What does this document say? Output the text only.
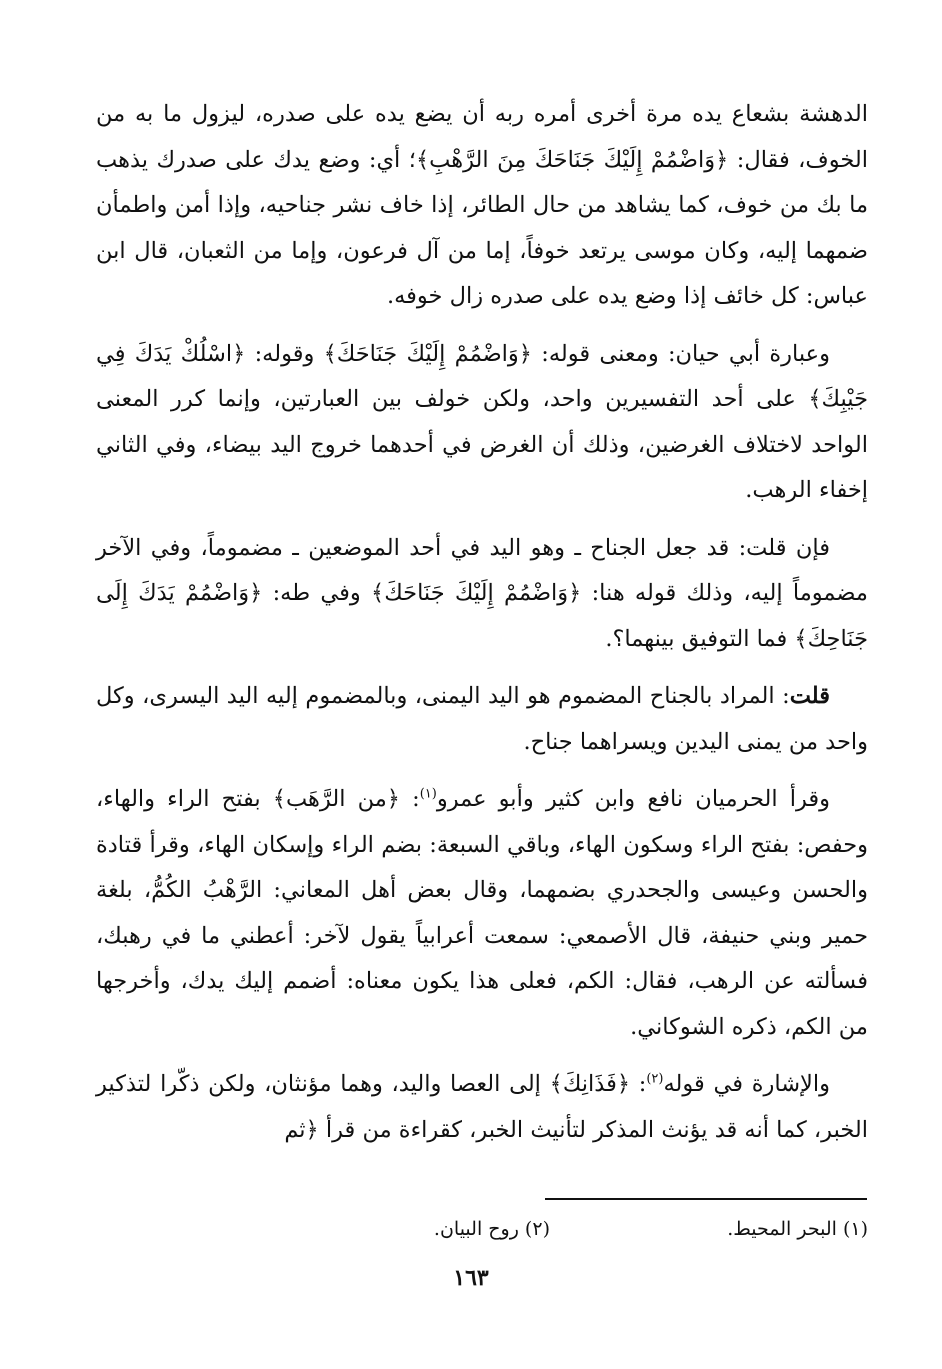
الدهشة بشعاع يده مرة أخرى أمره ربه أن يضع يده على صدره، ليزول ما به من الخوف، فقال: ﴿وَاضْمُمْ إِلَيْكَ جَنَاحَكَ مِنَ الرَّهْبِ﴾؛ أي: وضع يدك على صدرك يذهب ما بك من خوف، كما يشاهد من حال الطائر، إذا خاف نشر جناحيه، وإذا أمن واطمأن ضمهما إليه، وكان موسى يرتعد خوفاً، إما من آل فرعون، وإما من الثعبان، قال ابن عباس: كل خائف إذا وضع يده على صدره زال خوفه.

وعبارة أبي حيان: ومعنى قوله: ﴿وَاضْمُمْ إِلَيْكَ جَنَاحَكَ﴾ وقوله: ﴿اسْلُكْ يَدَكَ فِي جَيْبِكَ﴾ على أحد التفسيرين واحد، ولكن خولف بين العبارتين، وإنما كرر المعنى الواحد لاختلاف الغرضين، وذلك أن الغرض في أحدهما خروج اليد بيضاء، وفي الثاني إخفاء الرهب.

فإن قلت: قد جعل الجناح ـ وهو اليد في أحد الموضعين ـ مضموماً، وفي الآخر مضموماً إليه، وذلك قوله هنا: ﴿وَاضْمُمْ إِلَيْكَ جَنَاحَكَ﴾ وفي طه: ﴿وَاضْمُمْ يَدَكَ إِلَى جَنَاحِكَ﴾ فما التوفيق بينهما؟.

قلت: المراد بالجناح المضموم هو اليد اليمنى، وبالمضموم إليه اليد اليسرى، وكل واحد من يمنى اليدين ويسراهما جناح.

وقرأ الحرميان نافع وابن كثير وأبو عمرو$^{(١)}$: ﴿من الرَّهَب﴾ بفتح الراء والهاء، وحفص: بفتح الراء وسكون الهاء، وباقي السبعة: بضم الراء وإسكان الهاء، وقرأ قتادة والحسن وعيسى والجحدري بضمهما، وقال بعض أهل المعاني: الرَّهْبُ الكُمُّ، بلغة حمير وبني حنيفة، قال الأصمعي: سمعت أعرابياً يقول لآخر: أعطني ما في رهبك، فسألته عن الرهب، فقال: الكم، فعلى هذا يكون معناه: أضمم إليك يدك، وأخرجها من الكم، ذكره الشوكاني.

والإشارة في قوله$^{(٢)}$: ﴿فَذَانِكَ﴾ إلى العصا واليد، وهما مؤنثان، ولكن ذكّرا لتذكير الخبر، كما أنه قد يؤنث المذكر لتأنيث الخبر، كقراءة من قرأ ﴿ثم

(١) البحر المحيط.
(٢) روح البيان.
١٦٣
